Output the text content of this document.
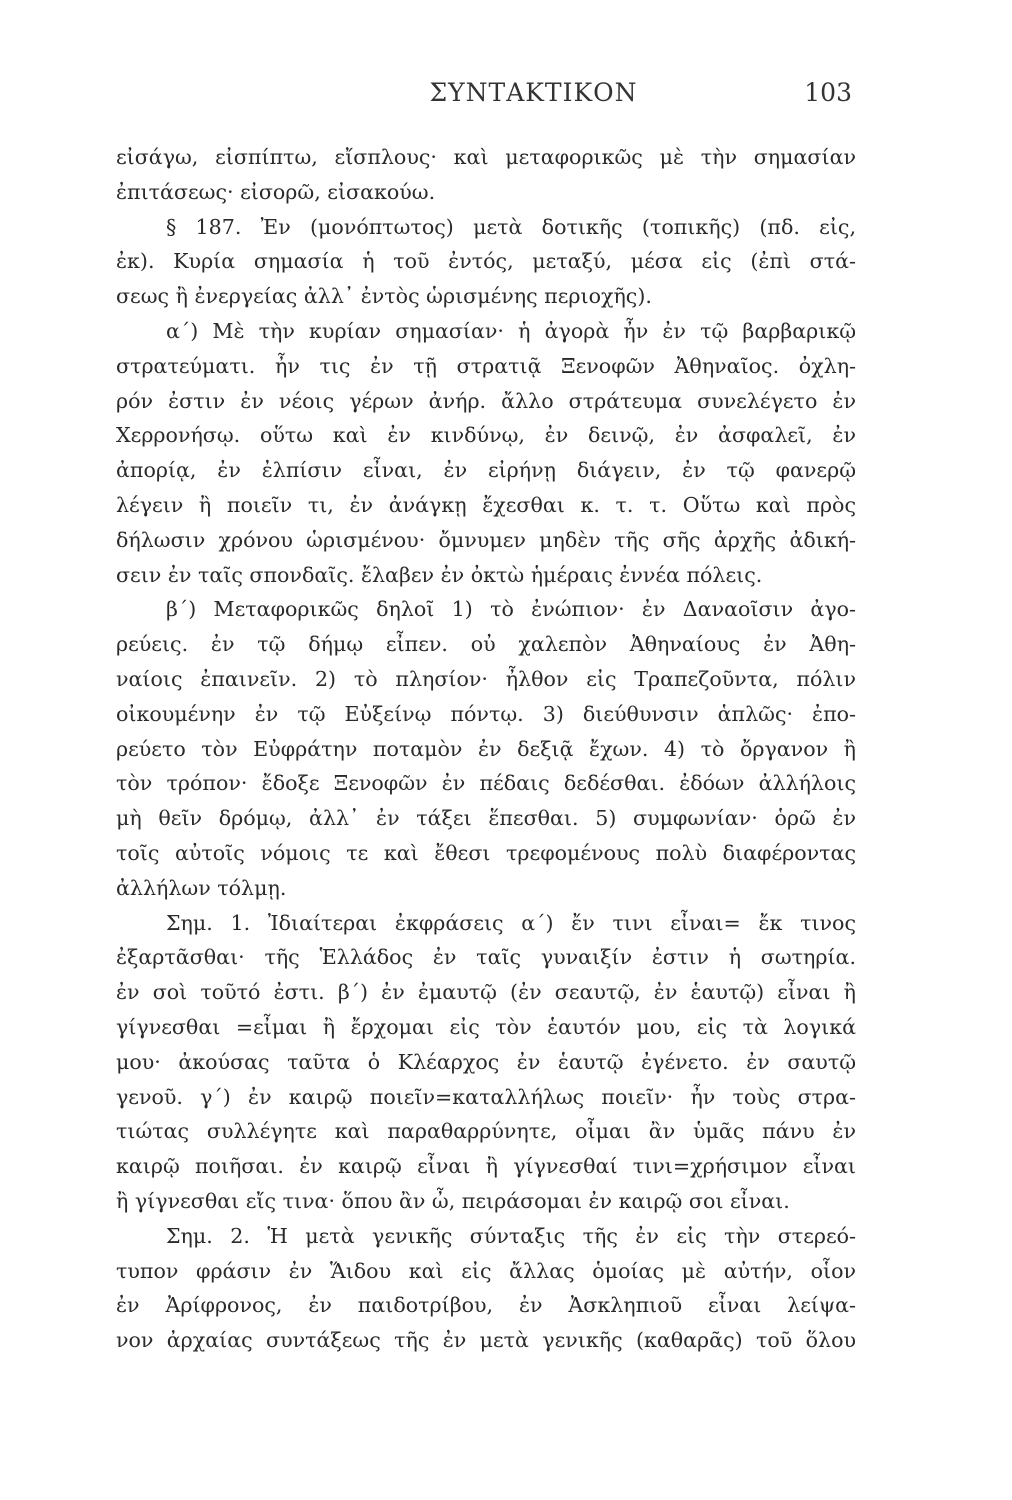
ΣΥΝΤΑΚΤΙΚΟΝ	103

εἰσάγω, εἰσπίπτω, εἴσπλους· καὶ μεταφορικῶς μὲ τὴν σημασίαν

ἐπιτάσεως· εἰσορῶ, εἰσακούω.

§ 187. Ἐν (μονόπτωτος) μετὰ δοτικῆς (τοπικῆς) (πδ. εἰς,

ἐκ). Κυρία σημασία ἡ τοῦ ἐντός, μεταξύ, μέσα εἰς (ἐπὶ στά-

σεως ἢ ἐνεργείας ἀλλ᾽ ἐντὸς ὡρισμένης περιοχῆς).

α΄) Μὲ τὴν κυρίαν σημασίαν· ἡ ἀγορὰ ἦν ἐν τῷ βαρβαρικῷ

στρατεύματι. ἦν τις ἐν τῇ στρατιᾷ Ξενοφῶν Ἀθηναῖος. ὀχλη-

ρόν ἐστιν ἐν νέοις γέρων ἀνήρ. ἄλλο στράτευμα συνελέγετο ἐν

Χερρονήσῳ. οὕτω καὶ ἐν κινδύνῳ, ἐν δεινῷ, ἐν ἀσφαλεῖ, ἐν

ἀπορίᾳ, ἐν ἐλπίσιν εἶναι, ἐν εἰρήνῃ διάγειν, ἐν τῷ φανερῷ

λέγειν ἢ ποιεῖν τι, ἐν ἀνάγκῃ ἔχεσθαι κ. τ. τ. Οὕτω καὶ πρὸς

δήλωσιν χρόνου ὡρισμένου· ὄμνυμεν μηδὲν τῆς σῆς ἀρχῆς ἀδική-

σειν ἐν ταῖς σπονδαῖς. ἔλαβεν ἐν ὀκτὼ ἡμέραις ἐννέα πόλεις.

β΄) Μεταφορικῶς δηλοῖ 1) τὸ ἐνώπιον· ἐν Δαναοῖσιν ἀγο-

ρεύεις. ἐν τῷ δήμῳ εἶπεν. οὐ χαλεπὸν Ἀθηναίους ἐν Ἀθη-

ναίοις ἐπαινεῖν. 2) τὸ πλησίον· ἦλθον εἰς Τραπεζοῦντα, πόλιν

οἰκουμένην ἐν τῷ Εὐξείνῳ πόντῳ. 3) διεύθυνσιν ἁπλῶς· ἐπο-

ρεύετο τὸν Εὐφράτην ποταμὸν ἐν δεξιᾷ ἔχων. 4) τὸ ὄργανον ἢ

τὸν τρόπον· ἔδοξε Ξενοφῶν ἐν πέδαις δεδέσθαι. ἐδόων ἀλλήλοις

μὴ θεῖν δρόμῳ, ἀλλ᾽ ἐν τάξει ἕπεσθαι. 5) συμφωνίαν· ὁρῶ ἐν

τοῖς αὐτοῖς νόμοις τε καὶ ἔθεσι τρεφομένους πολὺ διαφέροντας

ἀλλήλων τόλμῃ.

Σημ. 1. Ἰδιαίτεραι ἐκφράσεις α΄) ἔν τινι εἶναι= ἔκ τινος

ἐξαρτᾶσθαι· τῆς Ἑλλάδος ἐν ταῖς γυναιξίν ἐστιν ἡ σωτηρία.

ἐν σοὶ τοῦτό ἐστι. β΄) ἐν ἐμαυτῷ (ἐν σεαυτῷ, ἐν ἑαυτῷ) εἶναι ἢ

γίγνεσθαι =εἶμαι ἢ ἔρχομαι εἰς τὸν ἑαυτόν μου, εἰς τὰ λογικά

μου· ἀκούσας ταῦτα ὁ Κλέαρχος ἐν ἑαυτῷ ἐγένετο. ἐν σαυτῷ

γενοῦ. γ΄) ἐν καιρῷ ποιεῖν=καταλλήλως ποιεῖν· ἦν τοὺς στρα-

τιώτας συλλέγητε καὶ παραθαρρύνητε, οἶμαι ἂν ὑμᾶς πάνυ ἐν

καιρῷ ποιῆσαι. ἐν καιρῷ εἶναι ἢ γίγνεσθαί τινι=χρήσιμον εἶναι

ἢ γίγνεσθαι εἴς τινα· ὅπου ἂν ὦ, πειράσομαι ἐν καιρῷ σοι εἶναι.

Σημ. 2. Ἡ μετὰ γενικῆς σύνταξις τῆς ἐν εἰς τὴν στερεό-

τυπον φράσιν ἐν Ἅιδου καὶ εἰς ἄλλας ὁμοίας μὲ αὐτήν, οἷον

ἐν Ἀρίφρονος, ἐν παιδοτρίβου, ἐν Ἀσκληπιοῦ εἶναι λείψα-

νον ἀρχαίας συντάξεως τῆς ἐν μετὰ γενικῆς (καθαρᾶς) τοῦ ὅλου
